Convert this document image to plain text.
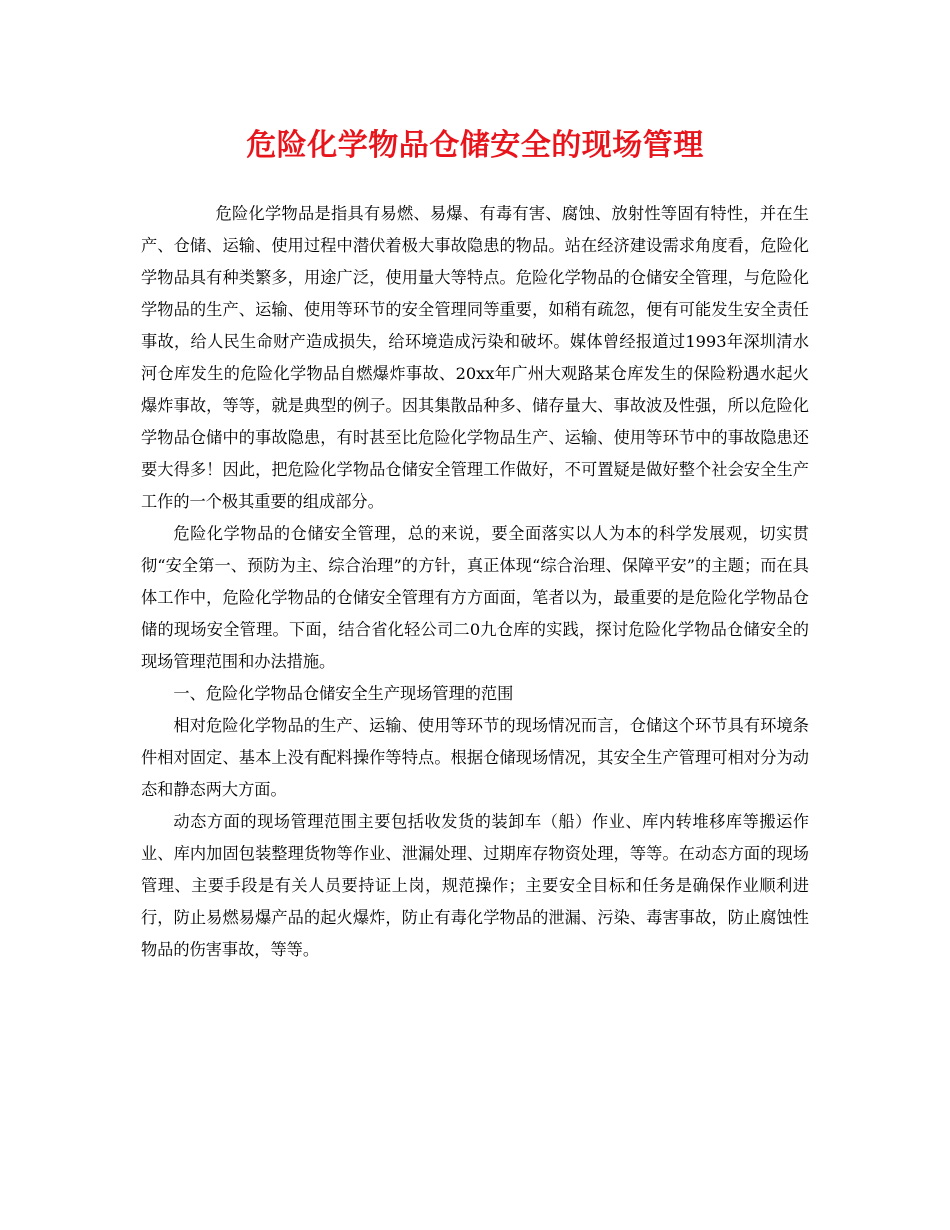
危险化学物品仓储安全的现场管理

危险化学物品是指具有易燃、易爆、有毒有害、腐蚀、放射性等固有特性，并在生产、仓储、运输、使用过程中潜伏着极大事故隐患的物品。站在经济建设需求角度看，危险化学物品具有种类繁多，用途广泛，使用量大等特点。危险化学物品的仓储安全管理，与危险化学物品的生产、运输、使用等环节的安全管理同等重要，如稍有疏忽，便有可能发生安全责任事故，给人民生命财产造成损失，给环境造成污染和破坏。媒体曾经报道过1993年深圳清水河仓库发生的危险化学物品自燃爆炸事故、20xx年广州大观路某仓库发生的保险粉遇水起火爆炸事故，等等，就是典型的例子。因其集散品种多、储存量大、事故波及性强，所以危险化学物品仓储中的事故隐患，有时甚至比危险化学物品生产、运输、使用等环节中的事故隐患还要大得多！因此，把危险化学物品仓储安全管理工作做好，不可置疑是做好整个社会安全生产工作的一个极其重要的组成部分。

危险化学物品的仓储安全管理，总的来说，要全面落实以人为本的科学发展观，切实贯彻“安全第一、预防为主、综合治理”的方针，真正体现“综合治理、保障平安”的主题；而在具体工作中，危险化学物品的仓储安全管理有方方面面，笔者以为，最重要的是危险化学物品仓储的现场安全管理。下面，结合省化轻公司二0九仓库的实践，探讨危险化学物品仓储安全的现场管理范围和办法措施。

一、危险化学物品仓储安全生产现场管理的范围

相对危险化学物品的生产、运输、使用等环节的现场情况而言，仓储这个环节具有环境条件相对固定、基本上没有配料操作等特点。根据仓储现场情况，其安全生产管理可相对分为动态和静态两大方面。

动态方面的现场管理范围主要包括收发货的装卸车（船）作业、库内转堆移库等搬运作业、库内加固包装整理货物等作业、泄漏处理、过期库存物资处理，等等。在动态方面的现场管理、主要手段是有关人员要持证上岗，规范操作；主要安全目标和任务是确保作业顺利进行，防止易燃易爆产品的起火爆炸，防止有毒化学物品的泄漏、污染、毒害事故，防止腐蚀性物品的伤害事故，等等。
